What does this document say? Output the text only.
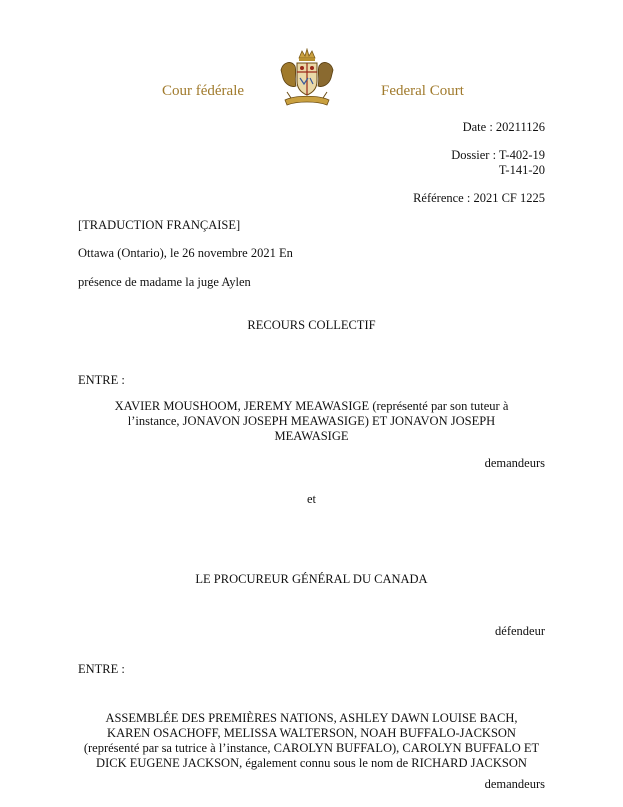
Cour fédérale	Federal Court
Date : 20211126
Dossier : T-402-19
T-141-20
Référence : 2021 CF 1225
[TRADUCTION FRANÇAISE]
Ottawa (Ontario), le 26 novembre 2021 En
présence de madame la juge Aylen
RECOURS COLLECTIF
ENTRE :
XAVIER MOUSHOOM, JEREMY MEAWASIGE (représenté par son tuteur à
l’instance, JONAVON JOSEPH MEAWASIGE) ET JONAVON JOSEPH
MEAWASIGE
demandeurs
et
LE PROCUREUR GÉNÉRAL DU CANADA
défendeur
ENTRE :
ASSEMBLÉE DES PREMIÈRES NATIONS, ASHLEY DAWN LOUISE BACH,
KAREN OSACHOFF, MELISSA WALTERSON, NOAH BUFFALO-JACKSON
(représenté par sa tutrice à l’instance, CAROLYN BUFFALO), CAROLYN BUFFALO ET
DICK EUGENE JACKSON, également connu sous le nom de RICHARD JACKSON
demandeurs
